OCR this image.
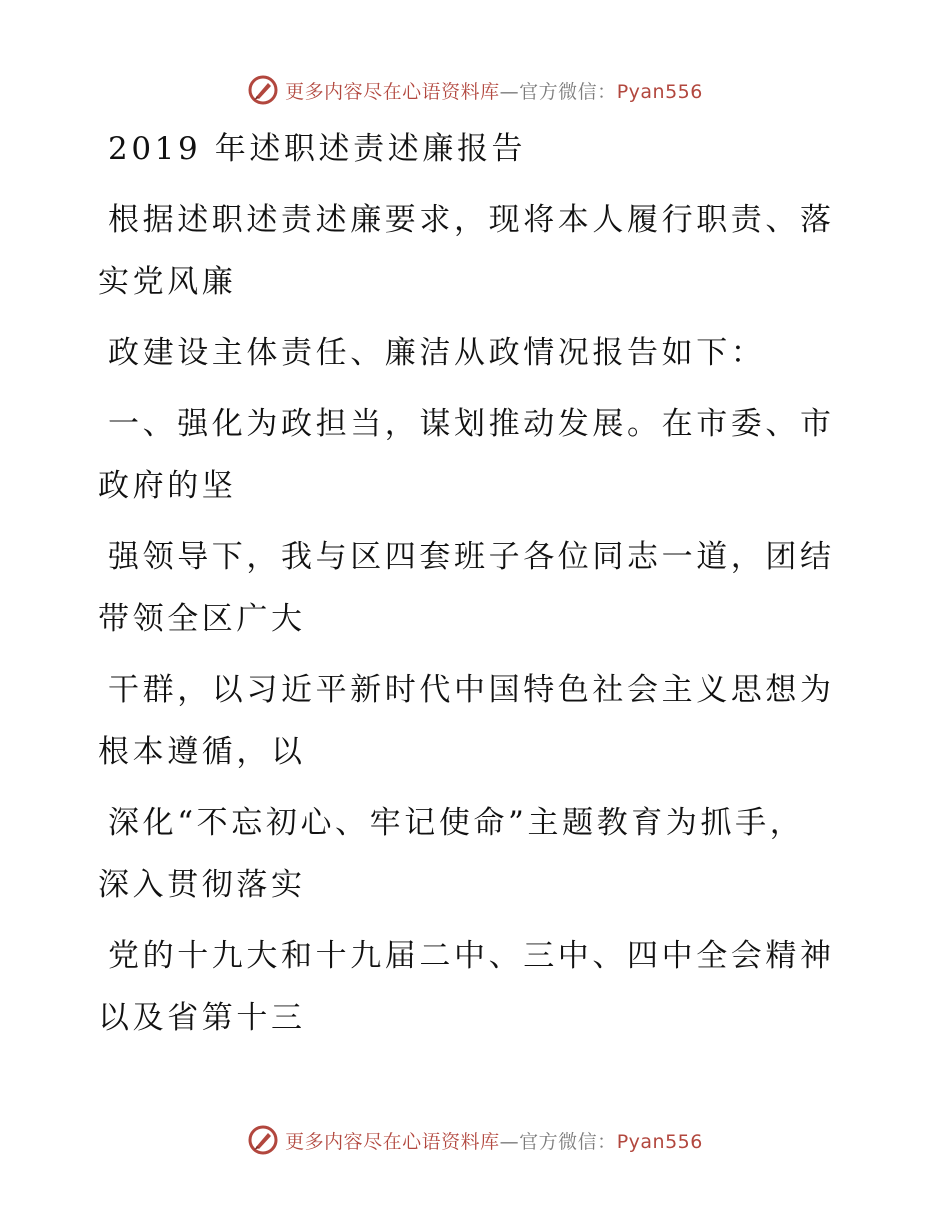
更多内容尽在心语资料库—官方微信：Pyan556
2019 年述职述责述廉报告
根据述职述责述廉要求，现将本人履行职责、落
实党风廉
政建设主体责任、廉洁从政情况报告如下：
一、强化为政担当，谋划推动发展。在市委、市
政府的坚
强领导下，我与区四套班子各位同志一道，团结
带领全区广大
干群，以习近平新时代中国特色社会主义思想为
根本遵循，以
深化“不忘初心、牢记使命”主题教育为抓手，
深入贯彻落实
党的十九大和十九届二中、三中、四中全会精神
以及省第十三
更多内容尽在心语资料库—官方微信：Pyan556
